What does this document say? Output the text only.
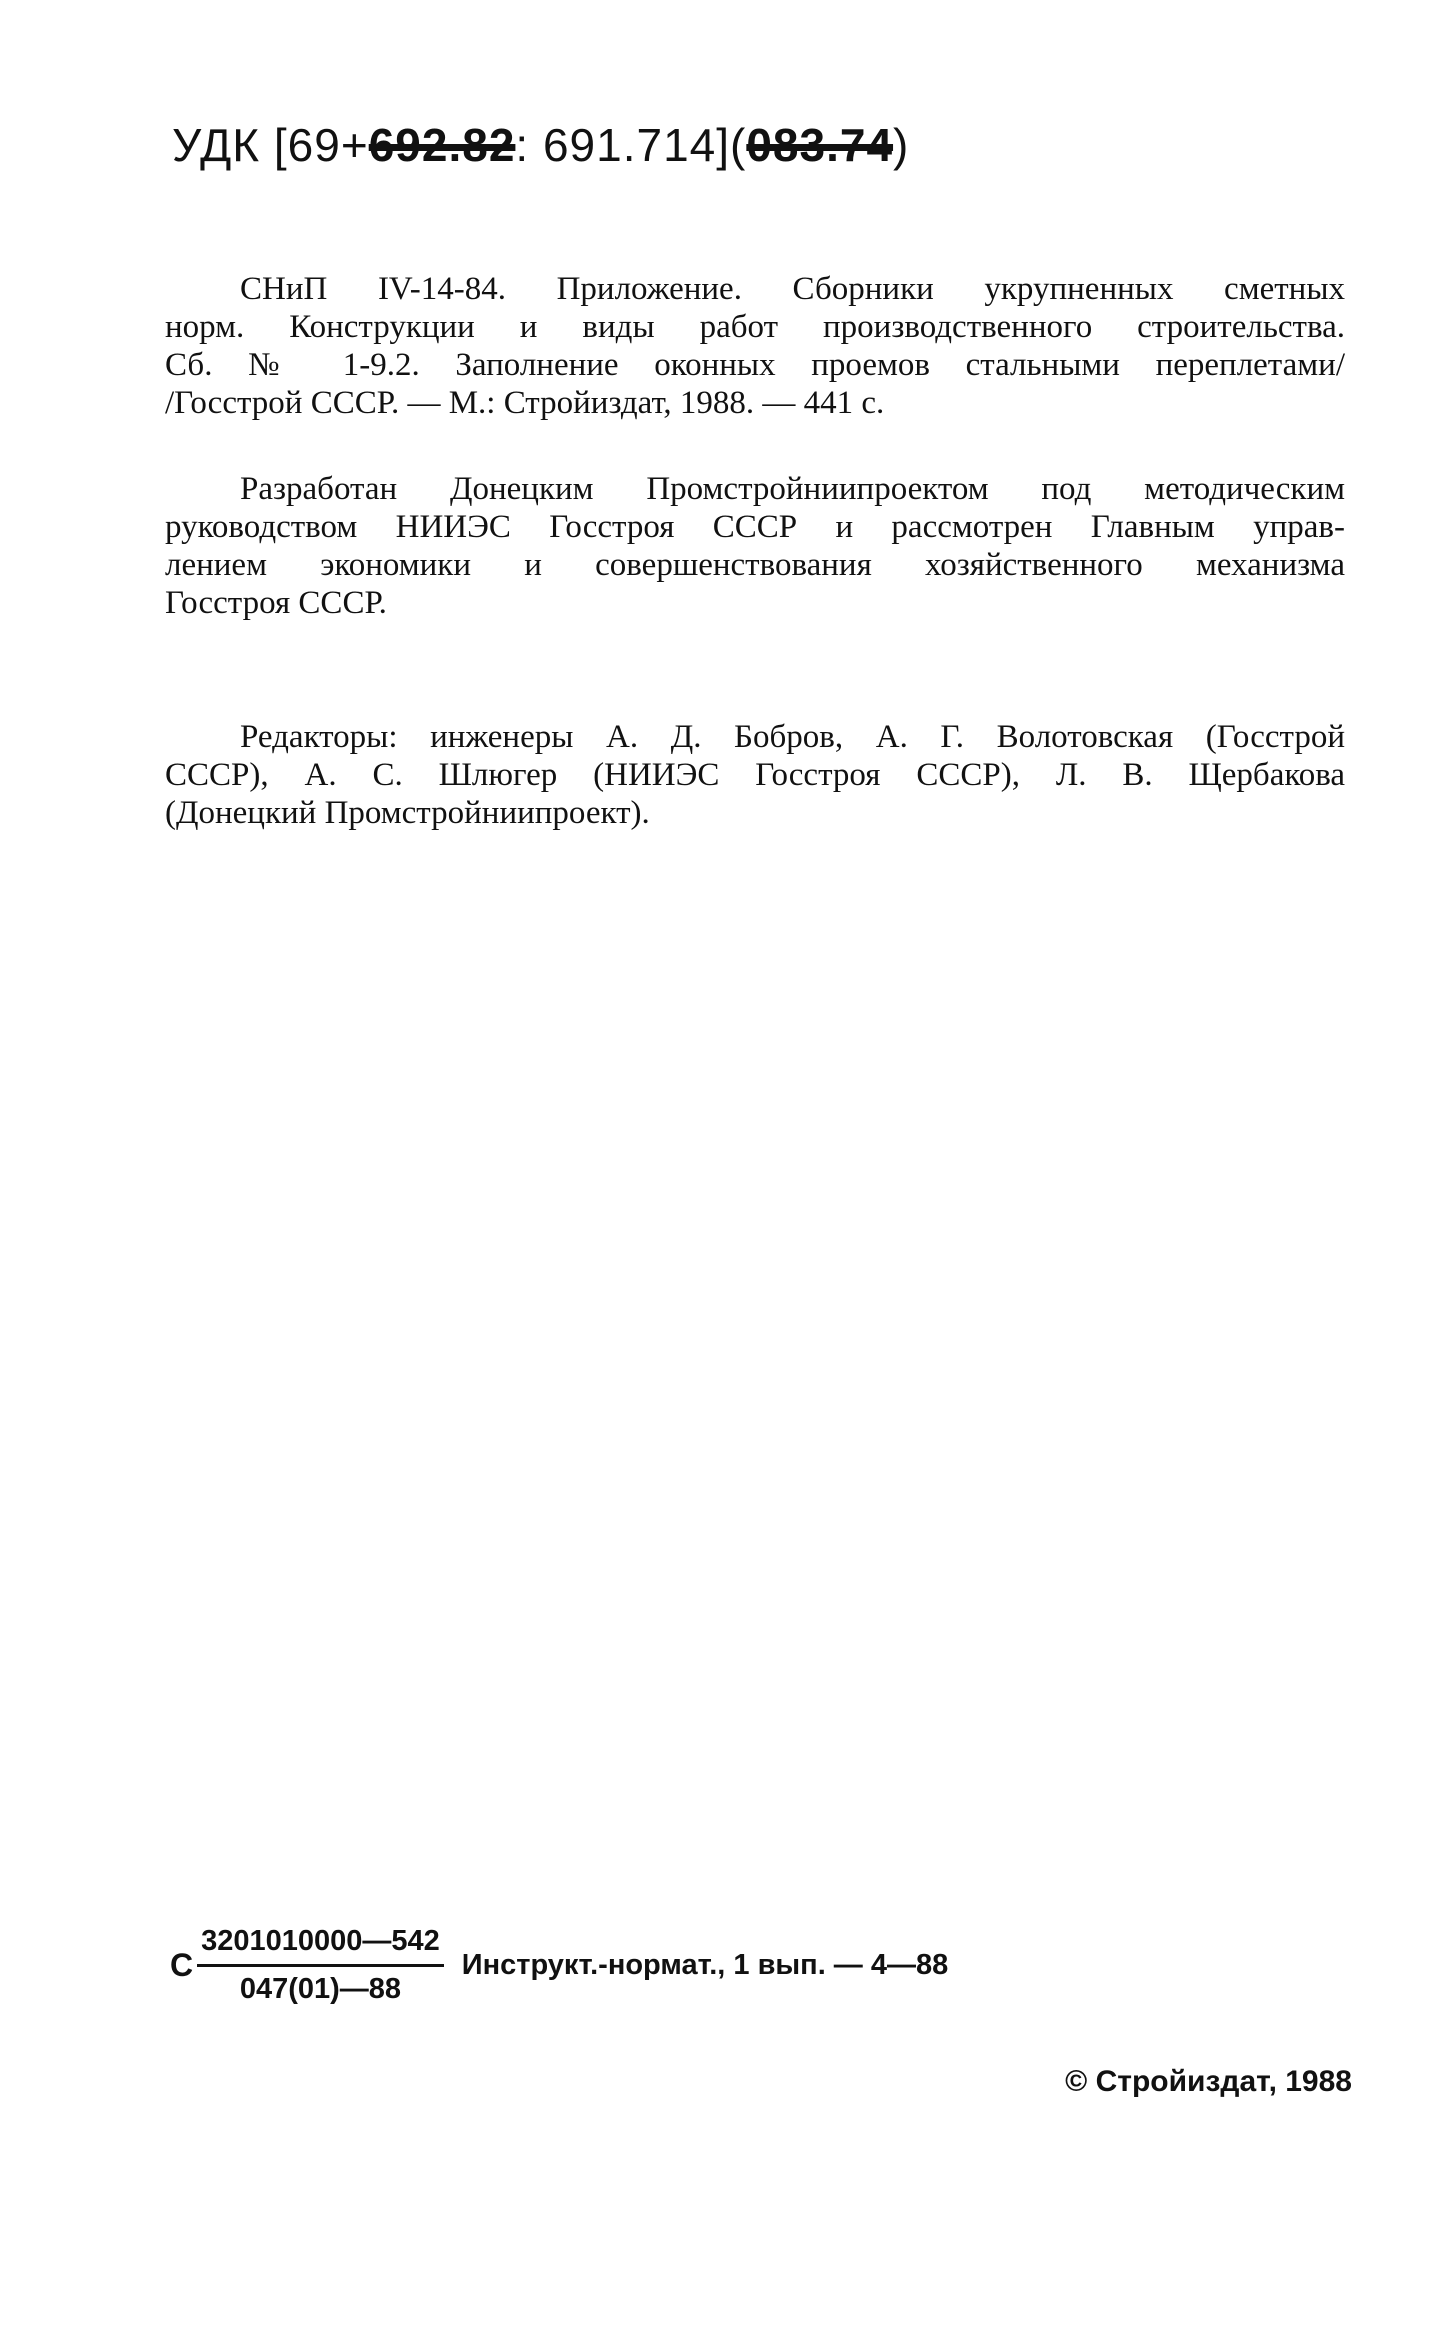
УДК [69+692.82: 691.714](083.74)
СНиП IV-14-84. Приложение. Сборники укрупненных сметных
норм. Конструкции и виды работ производственного строительства.
Сб. № 1-9.2. Заполнение оконных проемов стальными переплетами/
/Госстрой СССР. — М.: Стройиздат, 1988. — 441 с.
Разработан Донецким Промстройниипроектом под методическим
руководством НИИЭС Госстроя СССР и рассмотрен Главным управ-
лением экономики и совершенствования хозяйственного механизма
Госстроя СССР.
Редакторы: инженеры А. Д. Бобров, А. Г. Волотовская (Госстрой
СССР), А. С. Шлюгер (НИИЭС Госстроя СССР), Л. В. Щербакова
(Донецкий Промстройниипроект).
С $\frac{3201010000—542}{047(01)—88}$ Инструкт.-нормат., 1 вып. — 4—88
© Стройиздат, 1988
